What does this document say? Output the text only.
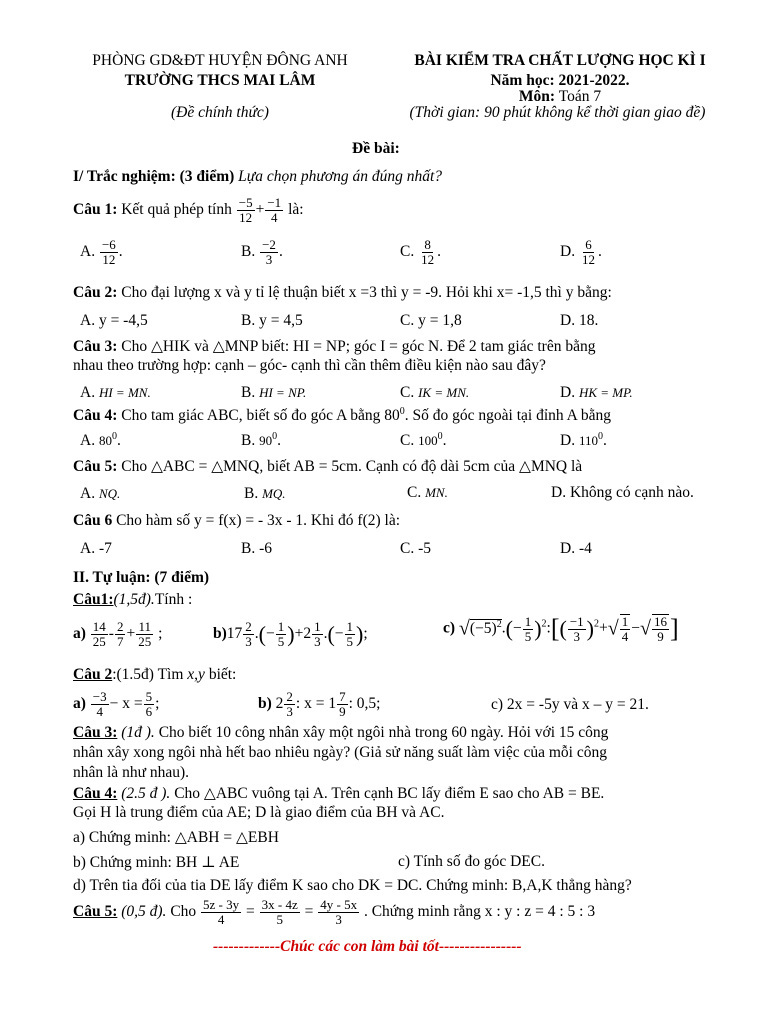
PHÒNG GD&ĐT HUYỆN ĐÔNG ANH
TRƯỜNG THCS MAI LÂM
(Đề chính thức)
BÀI KIỂM TRA CHẤT LƯỢNG HỌC KÌ I
Năm học: 2021-2022.
Môn: Toán 7
(Thời gian: 90 phút không kể thời gian giao đề)
Đề bài:
I/ Trắc nghiệm: (3 điểm) Lựa chọn phương án đúng nhất?
Câu 1: Kết quả phép tính $\frac{-5}{12} + \frac{-1}{4}$ là:
A. $\frac{-6}{12}$ .	B. $\frac{-2}{3}$ .	C. $\frac{8}{12}$ .	D. $\frac{6}{12}$ .
Câu 2: Cho đại lượng x và y tỉ lệ thuận biết x =3 thì y = -9. Hỏi khi x= -1,5 thì y bằng:
A. y = -4,5	B. y = 4,5	C. y = 1,8	D. 18.
Câu 3: Cho △HIK và △MNP biết: HI = NP; góc I = góc N. Để 2 tam giác trên bằng
nhau theo trường hợp: cạnh – góc- cạnh thì cần thêm điều kiện nào sau đây?
A. HI = MN.	B. HI = NP.	C. IK = MN.	D. HK = MP.
Câu 4: Cho tam giác ABC, biết số đo góc A bằng $80^0$. Số đo góc ngoài tại đỉnh A bằng
A. $80^0$.	B. $90^0$.	C. $100^0$.	D. $110^0$.
Câu 5: Cho △ABC = △MNQ, biết AB = 5cm. Cạnh có độ dài 5cm của △MNQ là
A. NQ.	B. MQ.	C. MN.	D. Không có cạnh nào.
Câu 6 Cho hàm số y = f(x) = - 3x - 1. Khi đó f(2) là:
A. -7	B. -6	C. -5	D. -4
II. Tự luận: (7 điểm)
Câu1:(1,5đ).Tính :
$a) \frac{14}{25} - \frac{2}{7} + \frac{11}{25}$ ;	$b)17 \frac{2}{3}$ .(− $\frac{1}{5} )+2 \frac{1}{3}$ .(− $\frac{1}{5}$ );	c) $√(-5)^2.(- \frac{1}{5}$ )$^2:[( \frac{-1}{3} )^2+√ \frac{1}{4}$ −√ $\frac{16}{9}$ ]
Câu 2:(1.5đ) Tìm x,y biết:
$a) \frac{-3}{4} - x = \frac{5}{6}$ ;	b) $2 \frac{2}{3}$ : $x = 1 \frac{7}{9}$ : 0,5;	c) 2x = -5y và x – y = 21.
Câu 3: (1đ ). Cho biết 10 công nhân xây một ngôi nhà trong 60 ngày. Hỏi với 15 công
nhân xây xong ngôi nhà hết bao nhiêu ngày? (Giả sử năng suất làm việc của mỗi công
nhân là như nhau).
Câu 4: (2.5 đ ). Cho △ABC vuông tại A. Trên cạnh BC lấy điểm E sao cho AB = BE.
Gọi H là trung điểm của AE; D là giao điểm của BH và AC.
a) Chứng minh: △ABH = △EBH
b) Chứng minh: BH ⊥ AE	c) Tính số đo góc DEC.
d) Trên tia đối của tia DE lấy điểm K sao cho DK = DC. Chứng minh: B,A,K thẳng hàng?
Câu 5: (0,5 đ). Cho $\frac{5z - 3y}{4} = \frac{3x - 4z}{5} = \frac{4y - 5x}{3}$ . Chứng minh rằng x : y : z = 4 : 5 : 3
-------------Chúc các con làm bài tốt----------------
